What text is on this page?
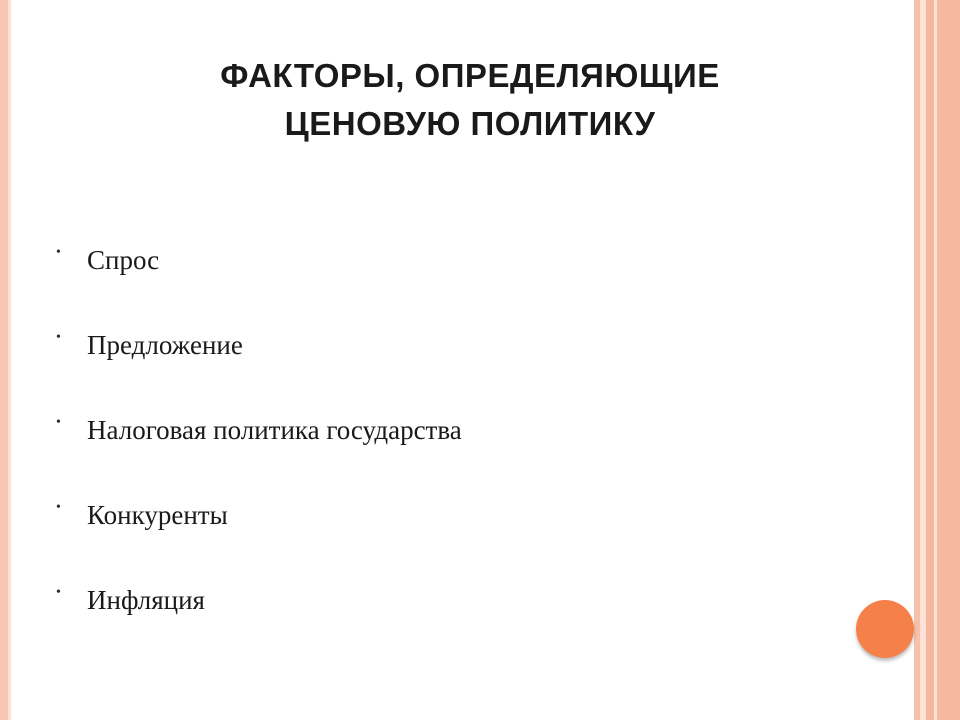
ФАКТОРЫ, ОПРЕДЕЛЯЮЩИЕ
ЦЕНОВУЮ ПОЛИТИКУ
• Спрос
• Предложение
• Налоговая политика государства
• Конкуренты
• Инфляция
